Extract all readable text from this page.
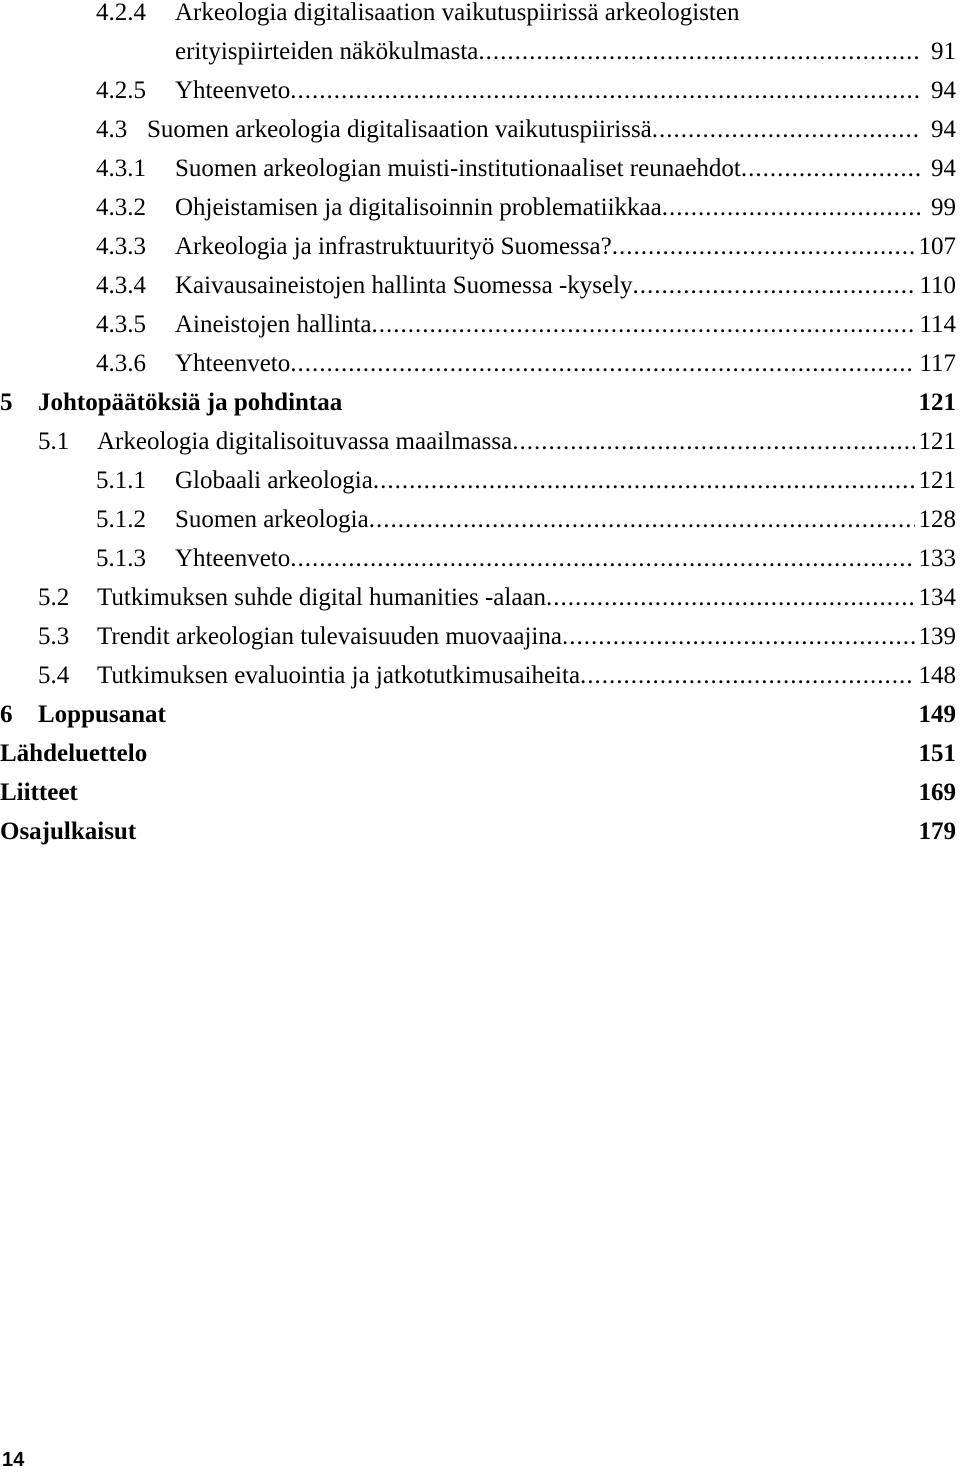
4.2.4 Arkeologia digitalisaation vaikutuspiirissä arkeologisten
erityispiirteiden näkökulmasta .....	91
4.2.5 Yhteenveto .....	94
4.3 Suomen arkeologia digitalisaation vaikutuspiirissä .....	94
4.3.1 Suomen arkeologian muisti-institutionaaliset reunaehdot .....	94
4.3.2 Ohjeistamisen ja digitalisoinnin problematiikkaa .....	99
4.3.3 Arkeologia ja infrastruktuurityö Suomessa? .....	107
4.3.4 Kaivausaineistojen hallinta Suomessa -kysely .....	110
4.3.5 Aineistojen hallinta .....	114
4.3.6 Yhteenveto .....	117
5 Johtopäätöksiä ja pohdintaa	121
5.1 Arkeologia digitalisoituvassa maailmassa .....	121
5.1.1 Globaali arkeologia .....	121
5.1.2 Suomen arkeologia .....	128
5.1.3 Yhteenveto .....	133
5.2 Tutkimuksen suhde digital humanities -alaan .....	134
5.3 Trendit arkeologian tulevaisuuden muovaajina .....	139
5.4 Tutkimuksen evaluointia ja jatkotutkimusaiheita .....	148
6 Loppusanat	149
Lähdeluettelo	151
Liitteet	169
Osajulkaisut	179
14
